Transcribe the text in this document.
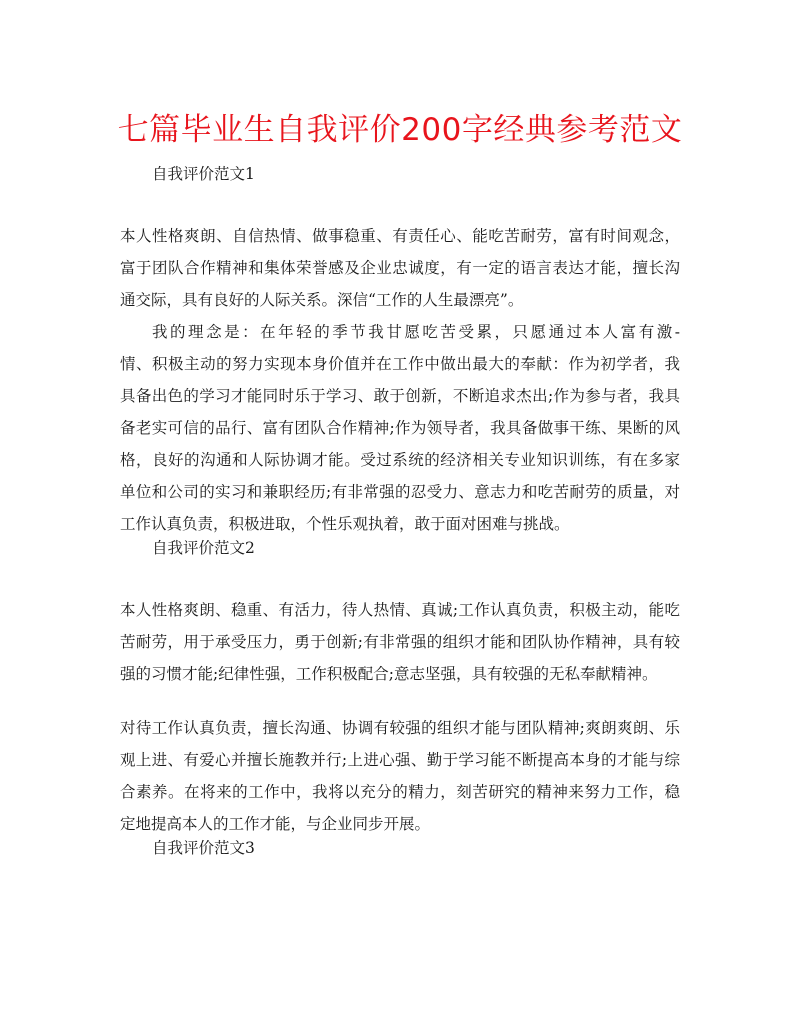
七篇毕业生自我评价200字经典参考范文

自我评价范文1

本人性格爽朗、自信热情、做事稳重、有责任心、能吃苦耐劳，富有时间观念，

富于团队合作精神和集体荣誉感及企业忠诚度，有一定的语言表达才能，擅长沟

通交际，具有良好的人际关系。深信“工作的人生最漂亮”。

我的理念是：在年轻的季节我甘愿吃苦受累，只愿通过本人富有激-

情、积极主动的努力实现本身价值并在工作中做出最大的奉献：作为初学者，我

具备出色的学习才能同时乐于学习、敢于创新，不断追求杰出;作为参与者，我具

备老实可信的品行、富有团队合作精神;作为领导者，我具备做事干练、果断的风

格，良好的沟通和人际协调才能。受过系统的经济相关专业知识训练，有在多家

单位和公司的实习和兼职经历;有非常强的忍受力、意志力和吃苦耐劳的质量，对

工作认真负责，积极进取，个性乐观执着，敢于面对困难与挑战。

自我评价范文2

本人性格爽朗、稳重、有活力，待人热情、真诚;工作认真负责，积极主动，能吃

苦耐劳，用于承受压力，勇于创新;有非常强的组织才能和团队协作精神，具有较

强的习惯才能;纪律性强，工作积极配合;意志坚强，具有较强的无私奉献精神。

对待工作认真负责，擅长沟通、协调有较强的组织才能与团队精神;爽朗爽朗、乐

观上进、有爱心并擅长施教并行;上进心强、勤于学习能不断提高本身的才能与综

合素养。在将来的工作中，我将以充分的精力，刻苦研究的精神来努力工作，稳

定地提高本人的工作才能，与企业同步开展。

自我评价范文3
